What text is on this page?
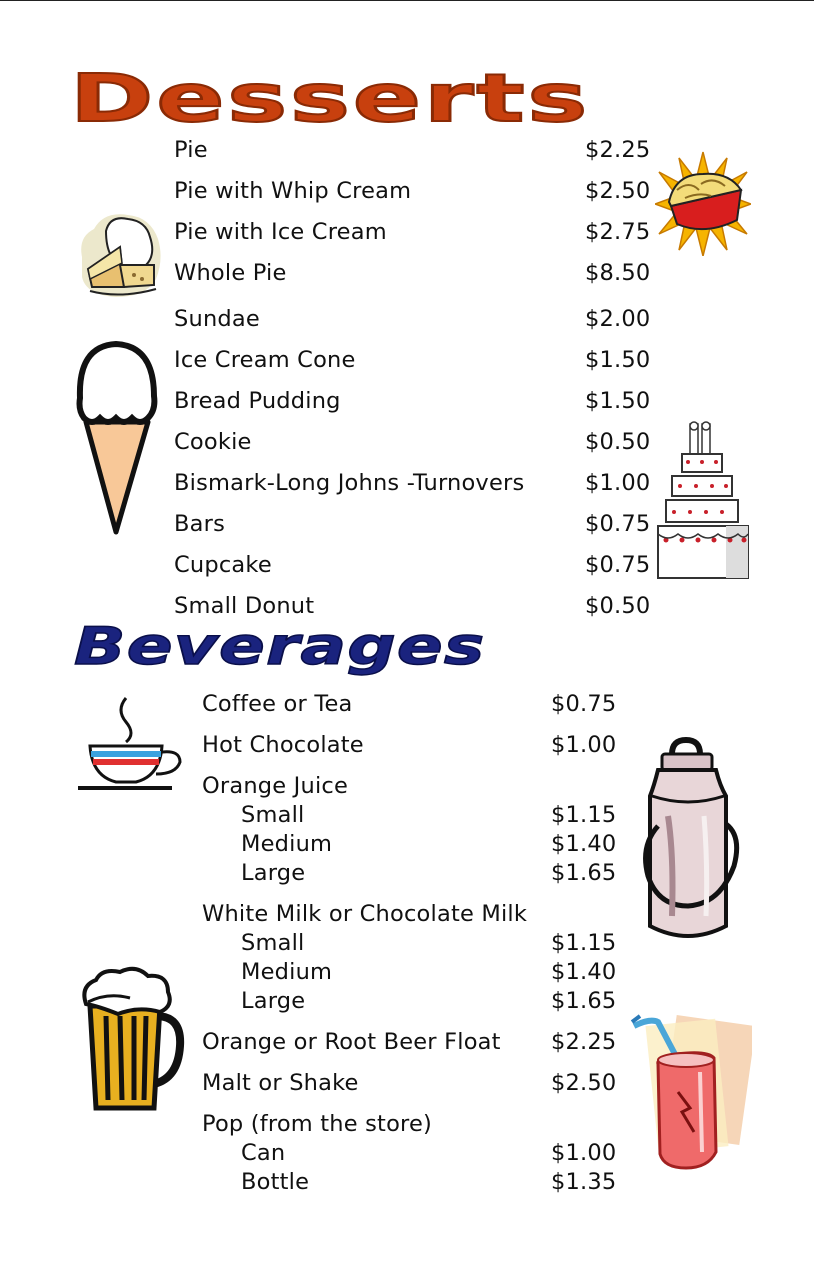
Desserts
Pie	$2.25
Pie with Whip Cream	$2.50
Pie with Ice Cream	$2.75
Whole Pie	$8.50
Sundae	$2.00
Ice Cream Cone	$1.50
Bread Pudding	$1.50
Cookie	$0.50
Bismark-Long Johns -Turnovers	$1.00
Bars	$0.75
Cupcake	$0.75
Small Donut	$0.50
Beverages
Coffee or Tea	$0.75
Hot Chocolate	$1.00
Orange Juice
Small	$1.15
Medium	$1.40
Large	$1.65
White Milk or Chocolate Milk
Small	$1.15
Medium	$1.40
Large	$1.65
Orange or Root Beer Float $2.25
Malt or Shake	$2.50
Pop (from the store)
Can	$1.00
Bottle	$1.35
